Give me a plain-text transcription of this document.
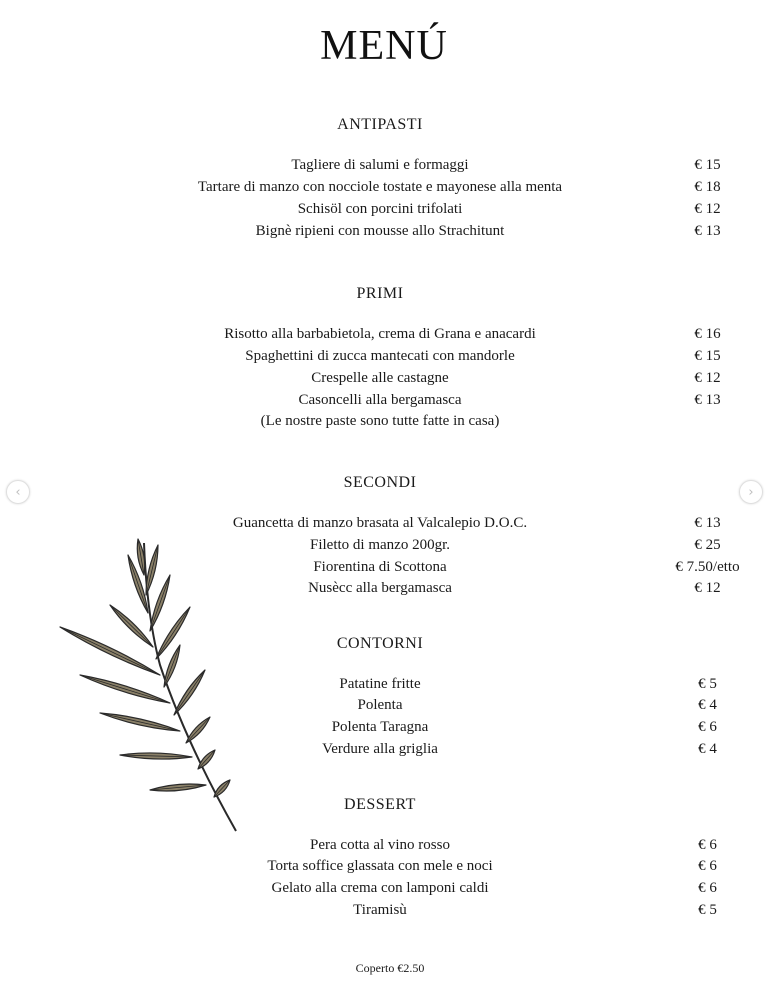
MENÚ
ANTIPASTI
Tagliere di salumi e formaggi	€ 15
Tartare di manzo con nocciole tostate e mayonese alla menta	€ 18
Schisöl con porcini trifolati	€ 12
Bignè ripieni con mousse allo Strachitunt	€ 13
PRIMI
Risotto alla barbabietola, crema di Grana e anacardi	€ 16
Spaghettini di zucca mantecati con mandorle	€ 15
Crespelle alle castagne	€ 12
Casoncelli alla bergamasca	€ 13
(Le nostre paste sono tutte fatte in casa)
SECONDI
Guancetta di manzo brasata al Valcalepio D.O.C.	€ 13
Filetto di manzo 200gr.	€ 25
Fiorentina di Scottona	€ 7.50/etto
Nusècc alla bergamasca	€ 12
CONTORNI
Patatine fritte	€ 5
Polenta	€ 4
Polenta Taragna	€ 6
Verdure alla griglia	€ 4
DESSERT
Pera cotta al vino rosso	€ 6
Torta soffice glassata con mele e noci	€ 6
Gelato alla crema con lamponi caldi	€ 6
Tiramisù	€ 5
Coperto €2.50
‹	›
